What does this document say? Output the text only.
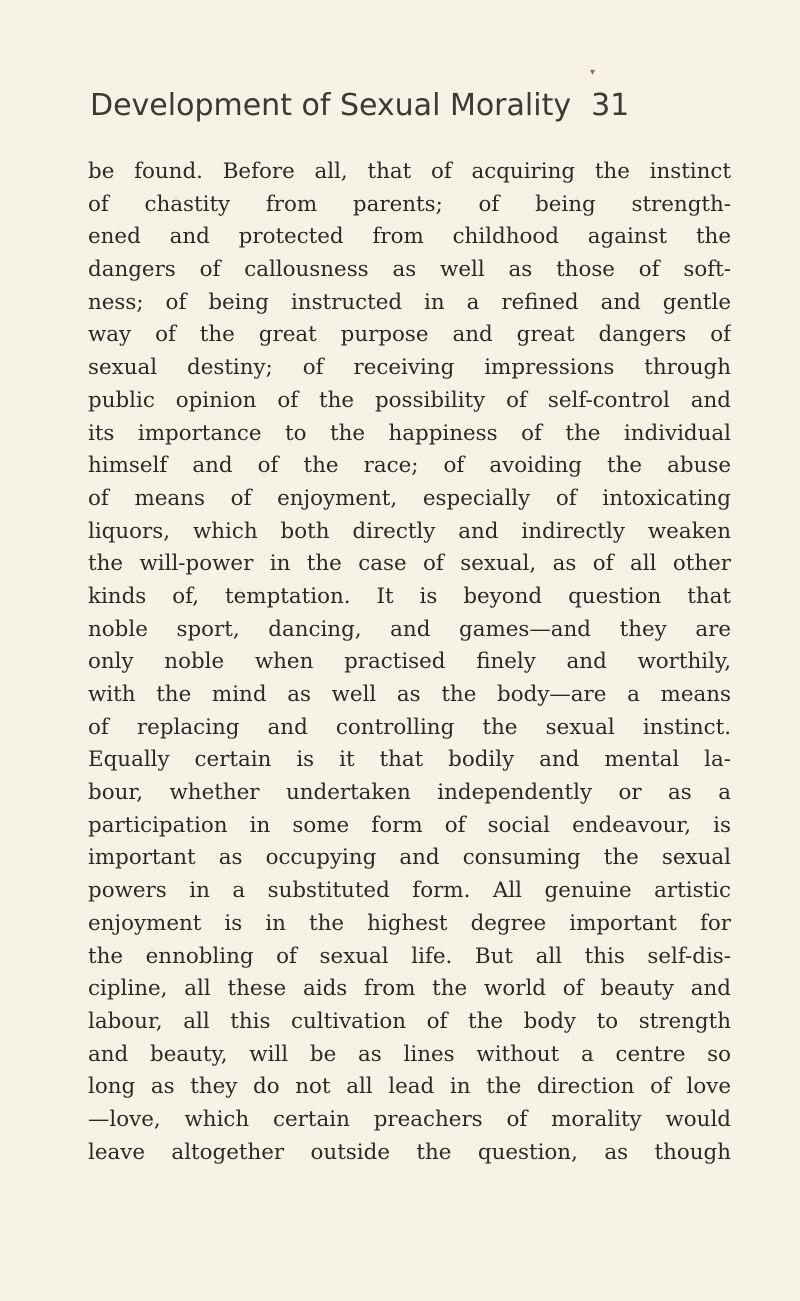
▾
Development of Sexual Morality 31
be found. Before all, that of acquiring the instinct
of chastity from parents; of being strength-
ened and protected from childhood against the
dangers of callousness as well as those of soft-
ness; of being instructed in a refined and gentle
way of the great purpose and great dangers of
sexual destiny; of receiving impressions through
public opinion of the possibility of self-control and
its importance to the happiness of the individual
himself and of the race; of avoiding the abuse
of means of enjoyment, especially of intoxicating
liquors, which both directly and indirectly weaken
the will-power in the case of sexual, as of all other
kinds of, temptation. It is beyond question that
noble sport, dancing, and games—and they are
only noble when practised finely and worthily,
with the mind as well as the body—are a means
of replacing and controlling the sexual instinct.
Equally certain is it that bodily and mental la-
bour, whether undertaken independently or as a
participation in some form of social endeavour, is
important as occupying and consuming the sexual
powers in a substituted form. All genuine artistic
enjoyment is in the highest degree important for
the ennobling of sexual life. But all this self-dis-
cipline, all these aids from the world of beauty and
labour, all this cultivation of the body to strength
and beauty, will be as lines without a centre so
long as they do not all lead in the direction of love
—love, which certain preachers of morality would
leave altogether outside the question, as though
